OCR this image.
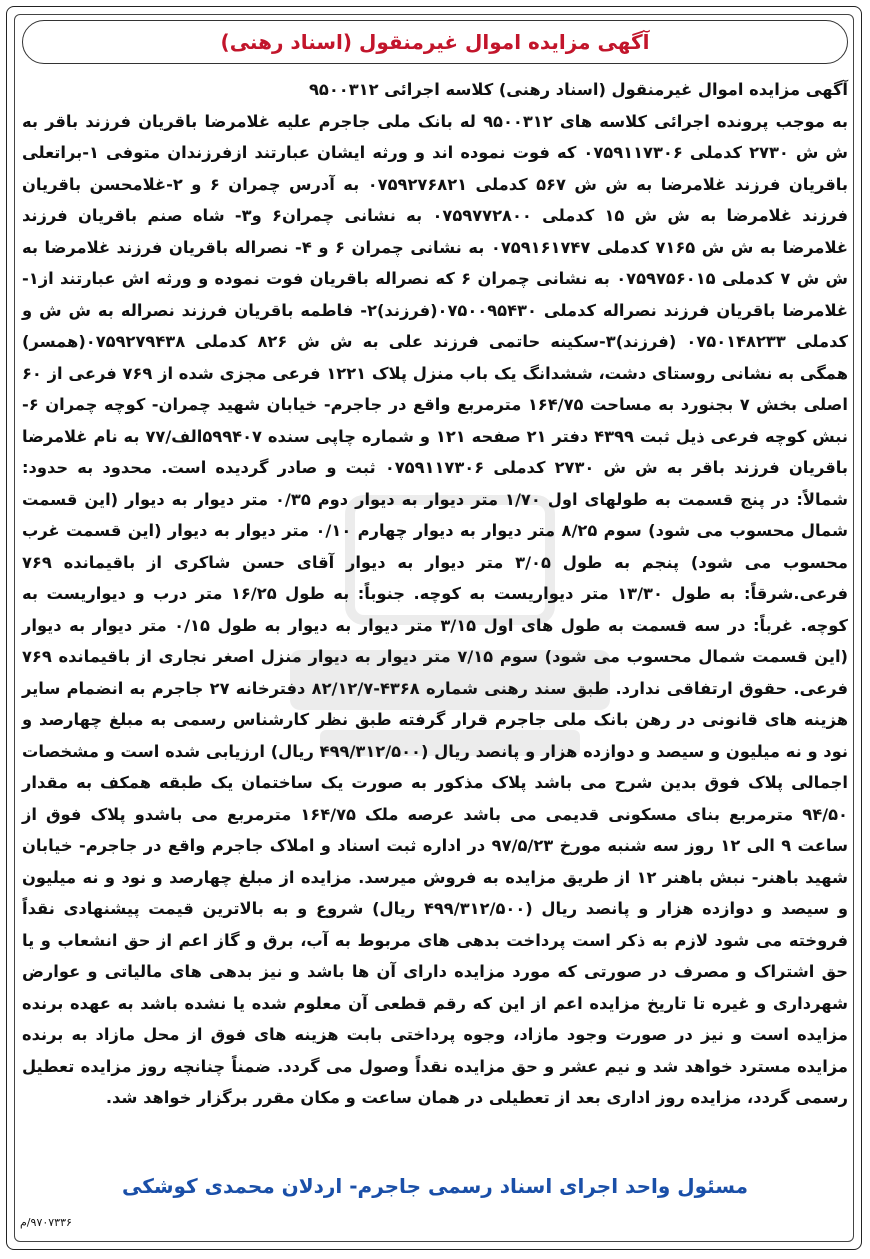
آگهی مزایده اموال غیرمنقول (اسناد رهنی)

آگهی مزایده اموال غیرمنقول (اسناد رهنی) کلاسه اجرائی ۹۵۰۰۳۱۲

به موجب پرونده اجرائی کلاسه های ۹۵۰۰۳۱۲ له بانک ملی جاجرم علیه غلامرضا باقریان فرزند باقر به ش ش ۲۷۳۰ کدملی ۰۷۵۹۱۱۷۳۰۶ که فوت نموده اند و ورثه ایشان عبارتند ازفرزندان متوفی ۱-براتعلی باقریان فرزند غلامرضا به ش ش ۵۶۷ کدملی ۰۷۵۹۲۷۶۸۲۱ به آدرس چمران ۶ و ۲-غلامحسن باقریان فرزند غلامرضا به ش ش ۱۵ کدملی ۰۷۵۹۷۷۲۸۰۰ به نشانی چمران۶ و۳- شاه صنم باقریان فرزند غلامرضا به ش ش ۷۱۶۵ کدملی ۰۷۵۹۱۶۱۷۴۷ به نشانی چمران ۶ و ۴- نصراله باقریان فرزند غلامرضا به ش ش ۷ کدملی ۰۷۵۹۷۵۶۰۱۵ به نشانی چمران ۶ که نصراله باقریان فوت نموده و ورثه اش عبارتند از۱-غلامرضا باقریان فرزند نصراله کدملی ۰۷۵۰۰۹۵۴۳۰(فرزند)۲- فاطمه باقریان فرزند نصراله به ش ش و کدملی ۰۷۵۰۱۴۸۲۳۳ (فرزند)۳-سکینه حاتمی فرزند علی به ش ش ۸۲۶ کدملی ۰۷۵۹۲۷۹۴۳۸(همسر) همگی به نشانی روستای دشت، ششدانگ یک باب منزل پلاک ۱۲۲۱ فرعی مجزی شده از ۷۶۹ فرعی از ۶۰ اصلی بخش ۷ بجنورد به مساحت ۱۶۴/۷۵ مترمربع واقع در جاجرم- خیابان شهید چمران- کوچه چمران ۶- نبش کوچه فرعی ذیل ثبت ۴۳۹۹ دفتر ۲۱ صفحه ۱۲۱ و شماره چاپی سنده ۵۹۹۴۰۷الف/۷۷ به نام غلامرضا باقریان فرزند باقر به ش ش ۲۷۳۰ کدملی ۰۷۵۹۱۱۷۳۰۶ ثبت و صادر گردیده است. محدود به حدود: شمالاً: در پنج قسمت به طولهای اول ۱/۷۰ متر دیوار به دیوار دوم ۰/۳۵ متر دیوار به دیوار (این قسمت شمال محسوب می شود) سوم ۸/۲۵ متر دیوار به دیوار چهارم ۰/۱۰ متر دیوار به دیوار (این قسمت غرب محسوب می شود) پنجم به طول ۳/۰۵ متر دیوار به دیوار آقای حسن شاکری از باقیمانده ۷۶۹ فرعی.شرقاً: به طول ۱۳/۳۰ متر دیواریست به کوچه. جنوباً: به طول ۱۶/۲۵ متر درب و دیواریست به کوچه. غرباً: در سه قسمت به طول های اول ۳/۱۵ متر دیوار به دیوار به طول ۰/۱۵ متر دیوار به دیوار (این قسمت شمال محسوب می شود) سوم ۷/۱۵ متر دیوار به دیوار منزل اصغر نجاری از باقیمانده ۷۶۹ فرعی. حقوق ارتفاقی ندارد. طبق سند رهنی شماره ۴۳۶۸-۸۲/۱۲/۷ دفترخانه ۲۷ جاجرم به انضمام سایر هزینه های قانونی در رهن بانک ملی جاجرم قرار گرفته طبق نظر کارشناس رسمی به مبلغ چهارصد و نود و نه میلیون و سیصد و دوازده هزار و پانصد ریال (۴۹۹/۳۱۲/۵۰۰ ریال) ارزیابی شده است و مشخصات اجمالی پلاک فوق بدین شرح می باشد پلاک مذکور به صورت یک ساختمان یک طبقه همکف به مقدار ۹۴/۵۰ مترمربع بنای مسکونی قدیمی می باشد عرصه ملک ۱۶۴/۷۵ مترمربع می باشدو پلاک فوق از ساعت ۹ الی ۱۲ روز سه شنبه مورخ ۹۷/۵/۲۳ در اداره ثبت اسناد و املاک جاجرم واقع در جاجرم- خیابان شهید باهنر- نبش باهنر ۱۲ از طریق مزایده به فروش میرسد. مزایده از مبلغ چهارصد و نود و نه میلیون و سیصد و دوازده هزار و پانصد ریال (۴۹۹/۳۱۲/۵۰۰ ریال) شروع و به بالاترین قیمت پیشنهادی نقداً فروخته می شود لازم به ذکر است پرداخت بدهی های مربوط به آب، برق و گاز اعم از حق انشعاب و یا حق اشتراک و مصرف در صورتی که مورد مزایده دارای آن ها باشد و نیز بدهی های مالیاتی و عوارض شهرداری و غیره تا تاریخ مزایده اعم از این که رقم قطعی آن معلوم شده یا نشده باشد به عهده برنده مزایده است و نیز در صورت وجود مازاد، وجوه پرداختی بابت هزینه های فوق از محل مازاد به برنده مزایده مسترد خواهد شد و نیم عشر و حق مزایده نقداً وصول می گردد. ضمناً چنانچه روز مزایده تعطیل رسمی گردد، مزایده روز اداری بعد از تعطیلی در همان ساعت و مکان مقرر برگزار خواهد شد.

مسئول واحد اجرای اسناد رسمی جاجرم- اردلان محمدی کوشکی
۹۷۰۷۳۳۶/م
